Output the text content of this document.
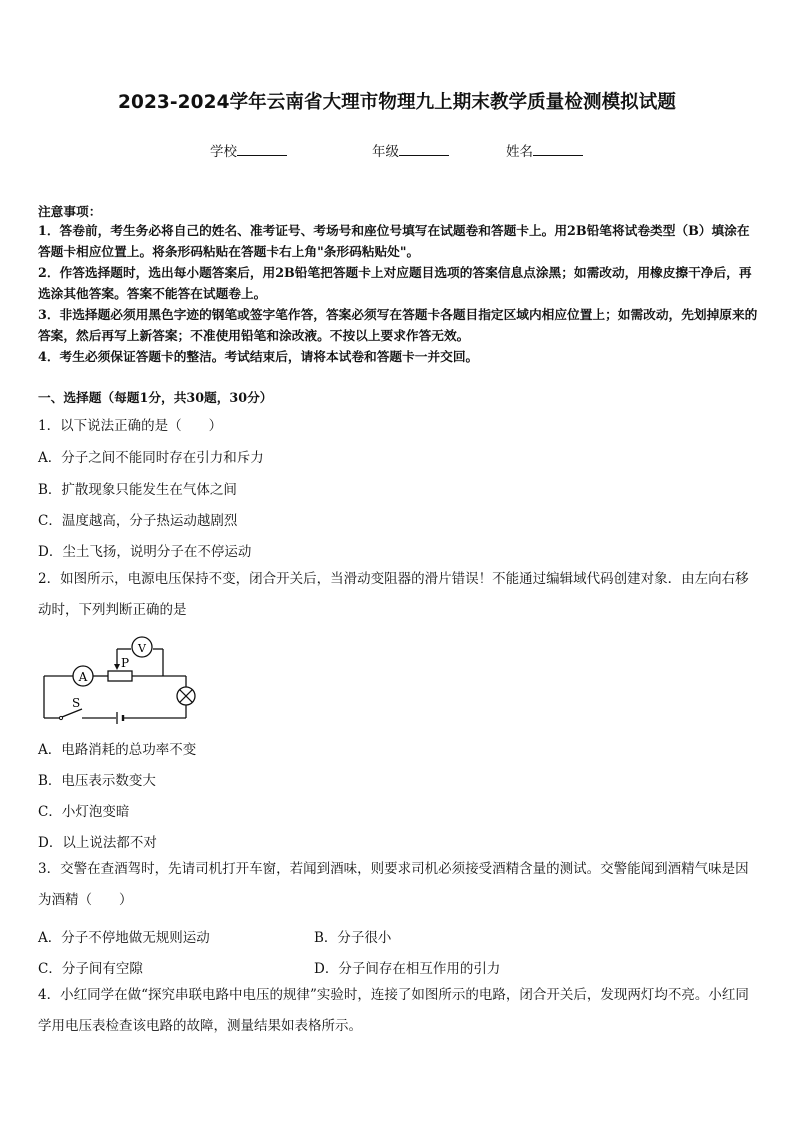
2023-2024学年云南省大理市物理九上期末教学质量检测模拟试题
学校	年级	姓名
注意事项：
1．答卷前，考生务必将自己的姓名、准考证号、考场号和座位号填写在试题卷和答题卡上。用2B铅笔将试卷类型（B）填涂在答题卡相应位置上。将条形码粘贴在答题卡右上角"条形码粘贴处"。
2．作答选择题时，选出每小题答案后，用2B铅笔把答题卡上对应题目选项的答案信息点涂黑；如需改动，用橡皮擦干净后，再选涂其他答案。答案不能答在试题卷上。
3．非选择题必须用黑色字迹的钢笔或签字笔作答，答案必须写在答题卡各题目指定区域内相应位置上；如需改动，先划掉原来的答案，然后再写上新答案；不准使用铅笔和涂改液。不按以上要求作答无效。
4．考生必须保证答题卡的整洁。考试结束后，请将本试卷和答题卡一并交回。
一、选择题（每题1分，共30题，30分）
1．以下说法正确的是（　　）
A．分子之间不能同时存在引力和斥力
B．扩散现象只能发生在气体之间
C．温度越高，分子热运动越剧烈
D．尘土飞扬，说明分子在不停运动
2．如图所示，电源电压保持不变，闭合开关后，当滑动变阻器的滑片错误！不能通过编辑域代码创建对象．由左向右移动时，下列判断正确的是
A
V
P
S
A．电路消耗的总功率不变
B．电压表示数变大
C．小灯泡变暗
D．以上说法都不对
3．交警在查酒驾时，先请司机打开车窗，若闻到酒味，则要求司机必须接受酒精含量的测试。交警能闻到酒精气味是因为酒精（　　）
A．分子不停地做无规则运动	B．分子很小
C．分子间有空隙	D．分子间存在相互作用的引力
4．小红同学在做“探究串联电路中电压的规律”实验时，连接了如图所示的电路，闭合开关后，发现两灯均不亮。小红同学用电压表检查该电路的故障，测量结果如表格所示。
